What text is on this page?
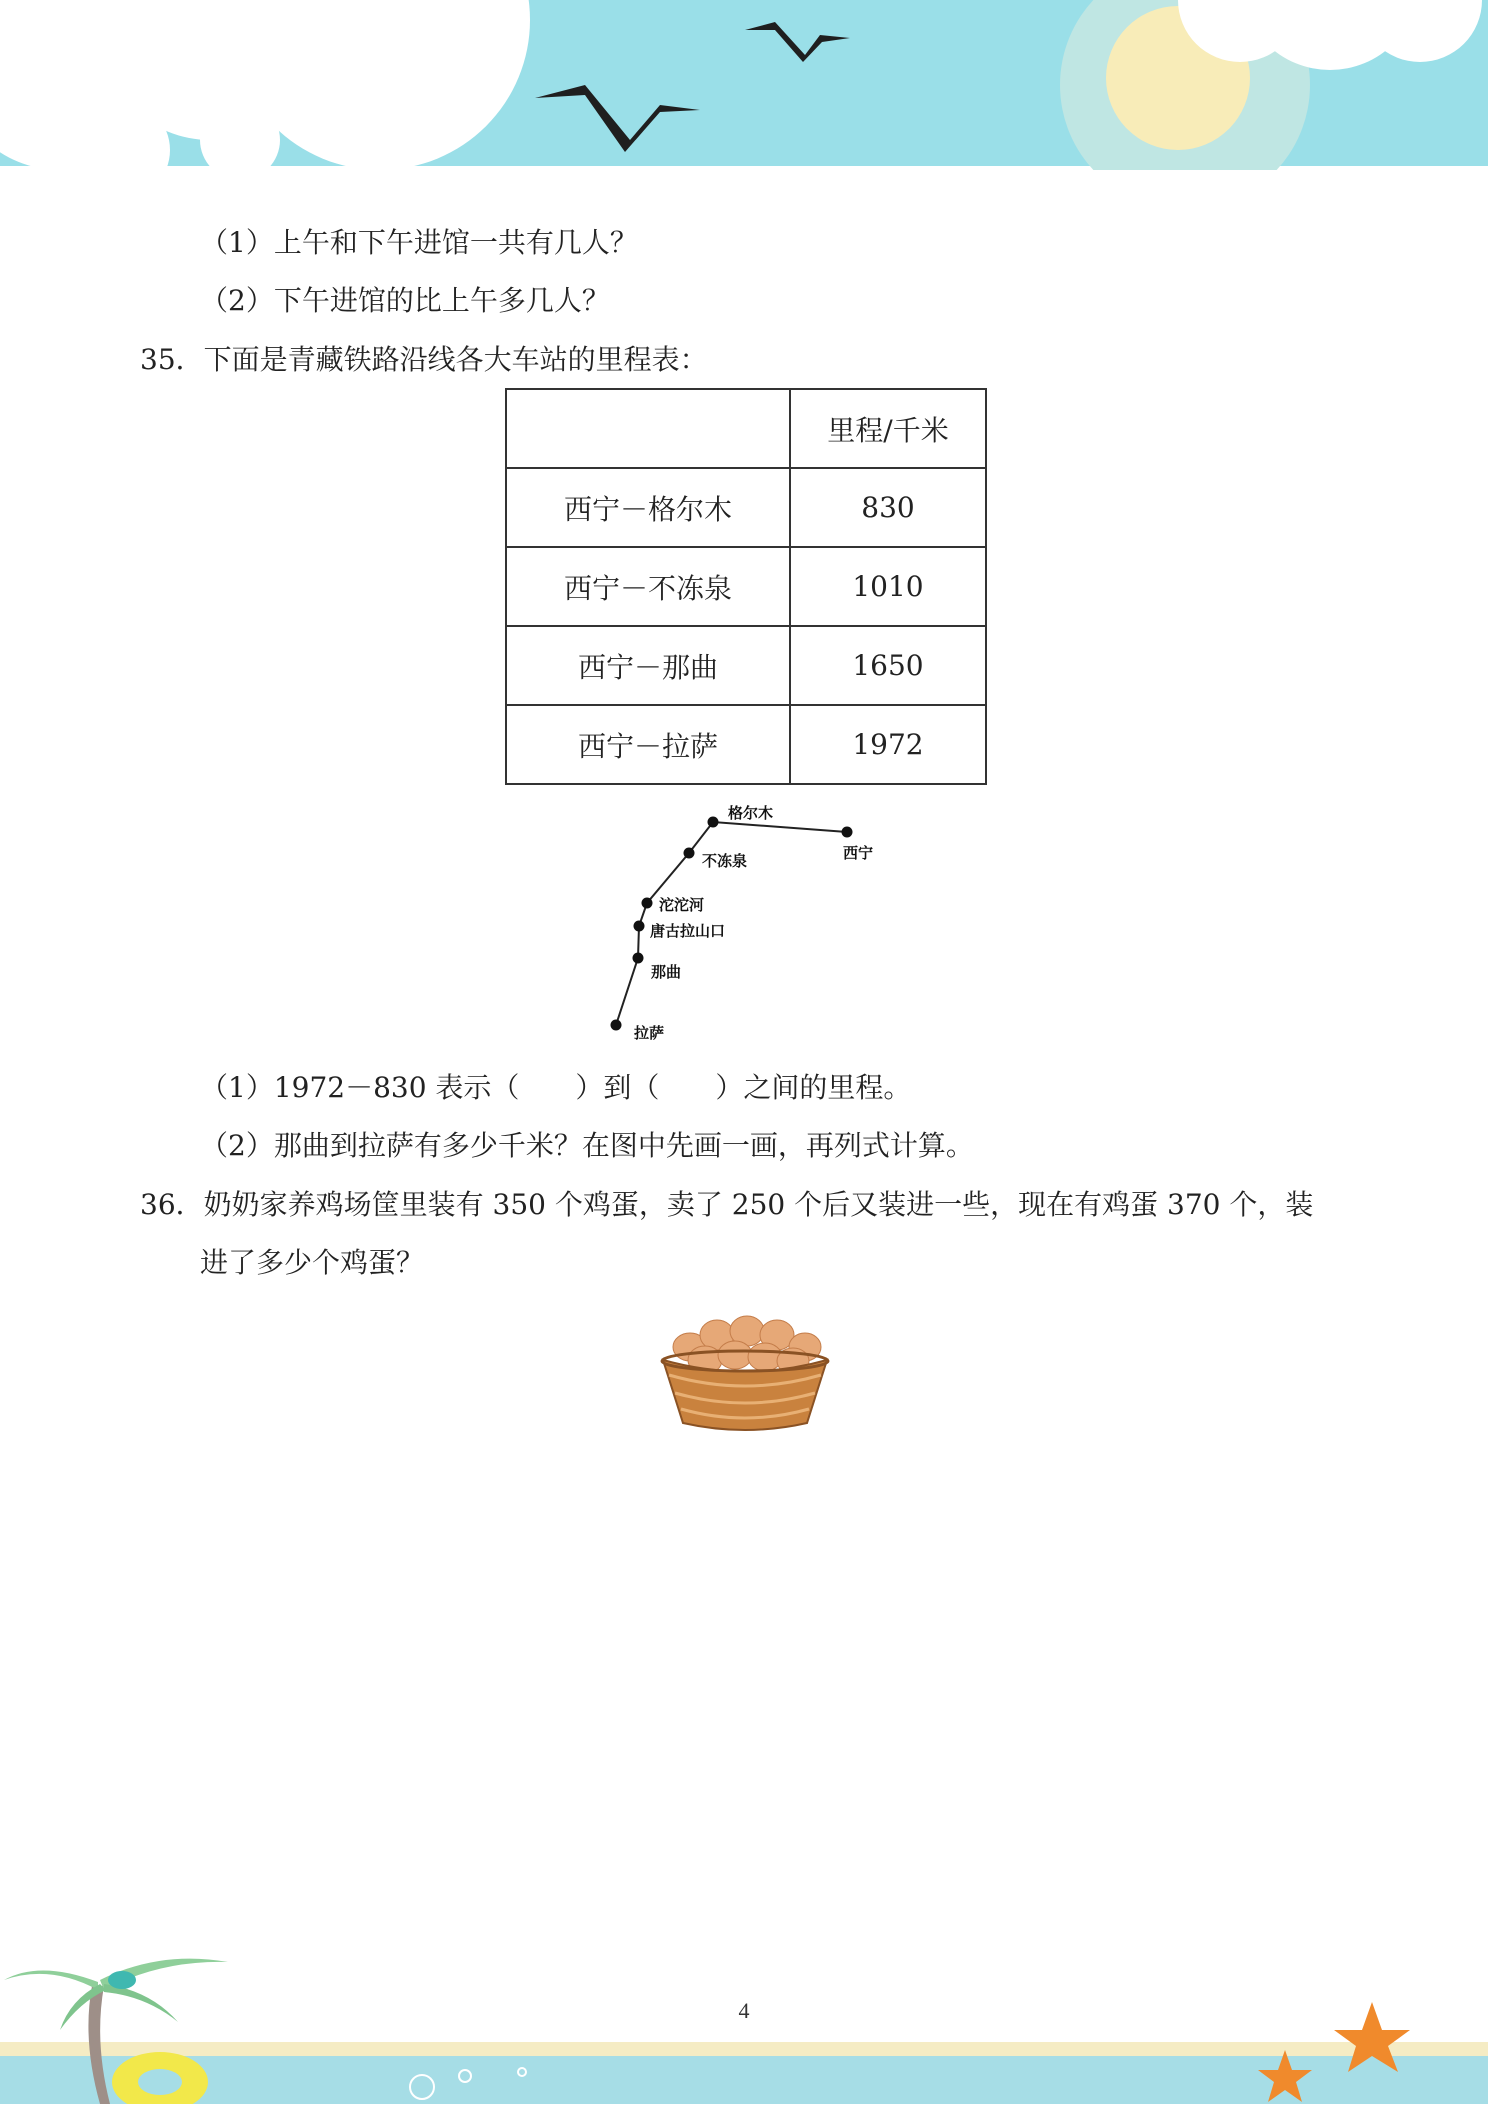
（1）上午和下午进馆一共有几人？
（2）下午进馆的比上午多几人？
35．下面是青藏铁路沿线各大车站的里程表：
	里程/千米
西宁－格尔木	830
西宁－不冻泉	1010
西宁－那曲	1650
西宁－拉萨	1972
格尔木
西宁
不冻泉
沱沱河
唐古拉山口
那曲
拉萨
（1）1972－830 表示（　　）到（　　）之间的里程。
（2）那曲到拉萨有多少千米？在图中先画一画，再列式计算。
36．奶奶家养鸡场筐里装有 350 个鸡蛋，卖了 250 个后又装进一些，现在有鸡蛋 370 个，装
进了多少个鸡蛋？
4
